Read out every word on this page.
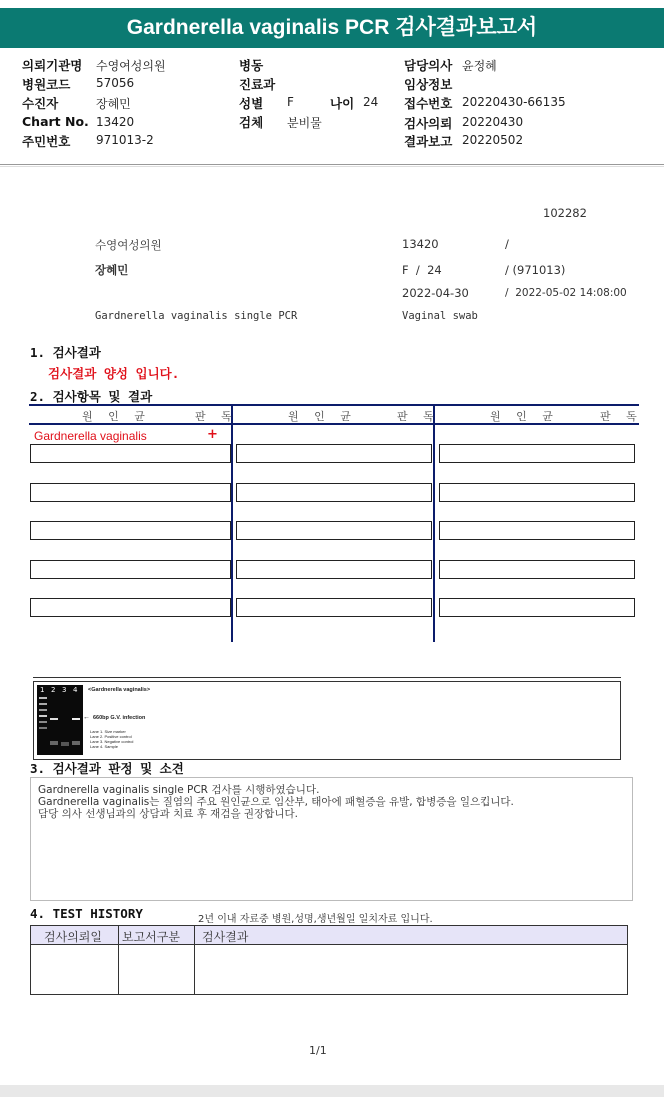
Gardnerella vaginalis PCR 검사결과보고서
의뢰기관명 수영여성의원
병원코드 57056
수진자	장혜민
Chart No. 13420
주민번호 971013-2
병동
진료과
성별 F	나이 24
검체 분비물
담당의사 윤정혜
임상정보
접수번호 20220430-66135
검사의뢰 20220430
결과보고 20220502
102282
수영여성의원	13420	/
장혜민	F  /  24	/ (971013)
2022-04-30	/  2022-05-02 14:08:00
Gardnerella vaginalis single PCR	Vaginal swab
1. 검사결과
검사결과 양성 입니다.
2. 검사항목 및 결과
원 인 균	판 독	원 인 균	판 독	원 인 균	판 독
Gardnerella vaginalis	+
1 2 3 4 <Gardnerella vaginalis>
← 660bp G.V. infection
Lane 1. Size marker
Lane 2. Positive control
Lane 3. Negative control
Lane 4. Sample
3. 검사결과 판정 및 소견
Gardnerella vaginalis single PCR 검사를 시행하였습니다.
Gardnerella vaginalis는 질염의 주요 원인균으로 임산부, 태아에 패혈증을 유발, 합병증을 일으킵니다.
담당 의사 선생님과의 상담과 치료 후 재검을 권장합니다.
4. TEST HISTORY	2년 이내 자료중 병원,성명,생년월일 일치자료 입니다.
검사의뢰일 보고서구분 검사결과
1/1
